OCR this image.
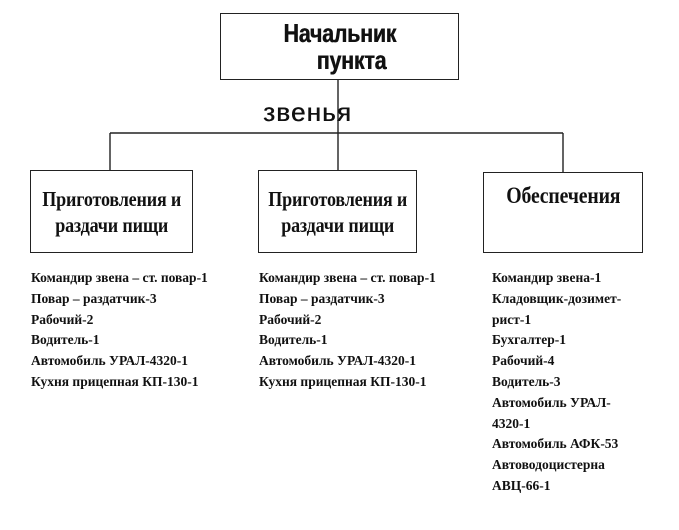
Начальник
пункта
звенья
Приготовления и
раздачи пищи
Приготовления и
раздачи пищи
Обеспечения
Командир звена – ст. повар-1
Повар – раздатчик-3
Рабочий-2
Водитель-1
Автомобиль УРАЛ-4320-1
Кухня прицепная КП-130-1
Командир звена – ст. повар-1
Повар – раздатчик-3
Рабочий-2
Водитель-1
Автомобиль УРАЛ-4320-1
Кухня прицепная КП-130-1
Командир звена-1
Кладовщик-дозимет-
рист-1
Бухгалтер-1
Рабочий-4
Водитель-3
Автомобиль УРАЛ-
4320-1
Автомобиль АФК-53
Автоводоцистерна
АВЦ-66-1
